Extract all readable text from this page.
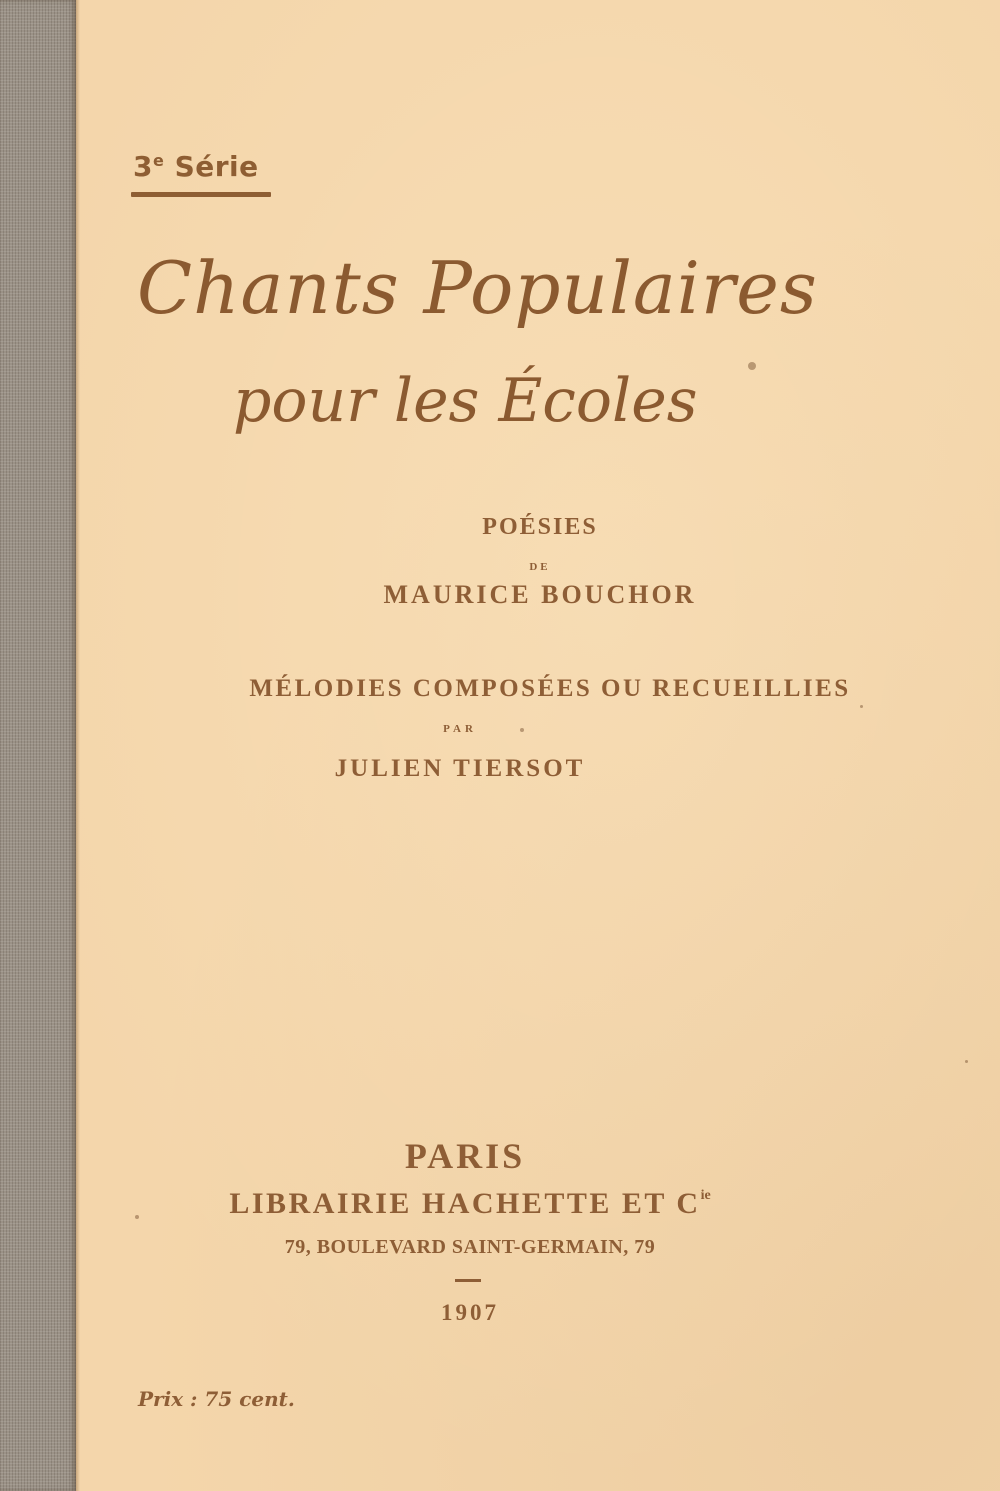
3e Série
Chants Populaires
pour les Écoles
POÉSIES
DE
MAURICE BOUCHOR
MÉLODIES COMPOSÉES OU RECUEILLIES
PAR
JULIEN TIERSOT
PARIS
LIBRAIRIE HACHETTE ET $C^{ie}$
79, BOULEVARD SAINT-GERMAIN, 79
1907
Prix : 75 cent.
